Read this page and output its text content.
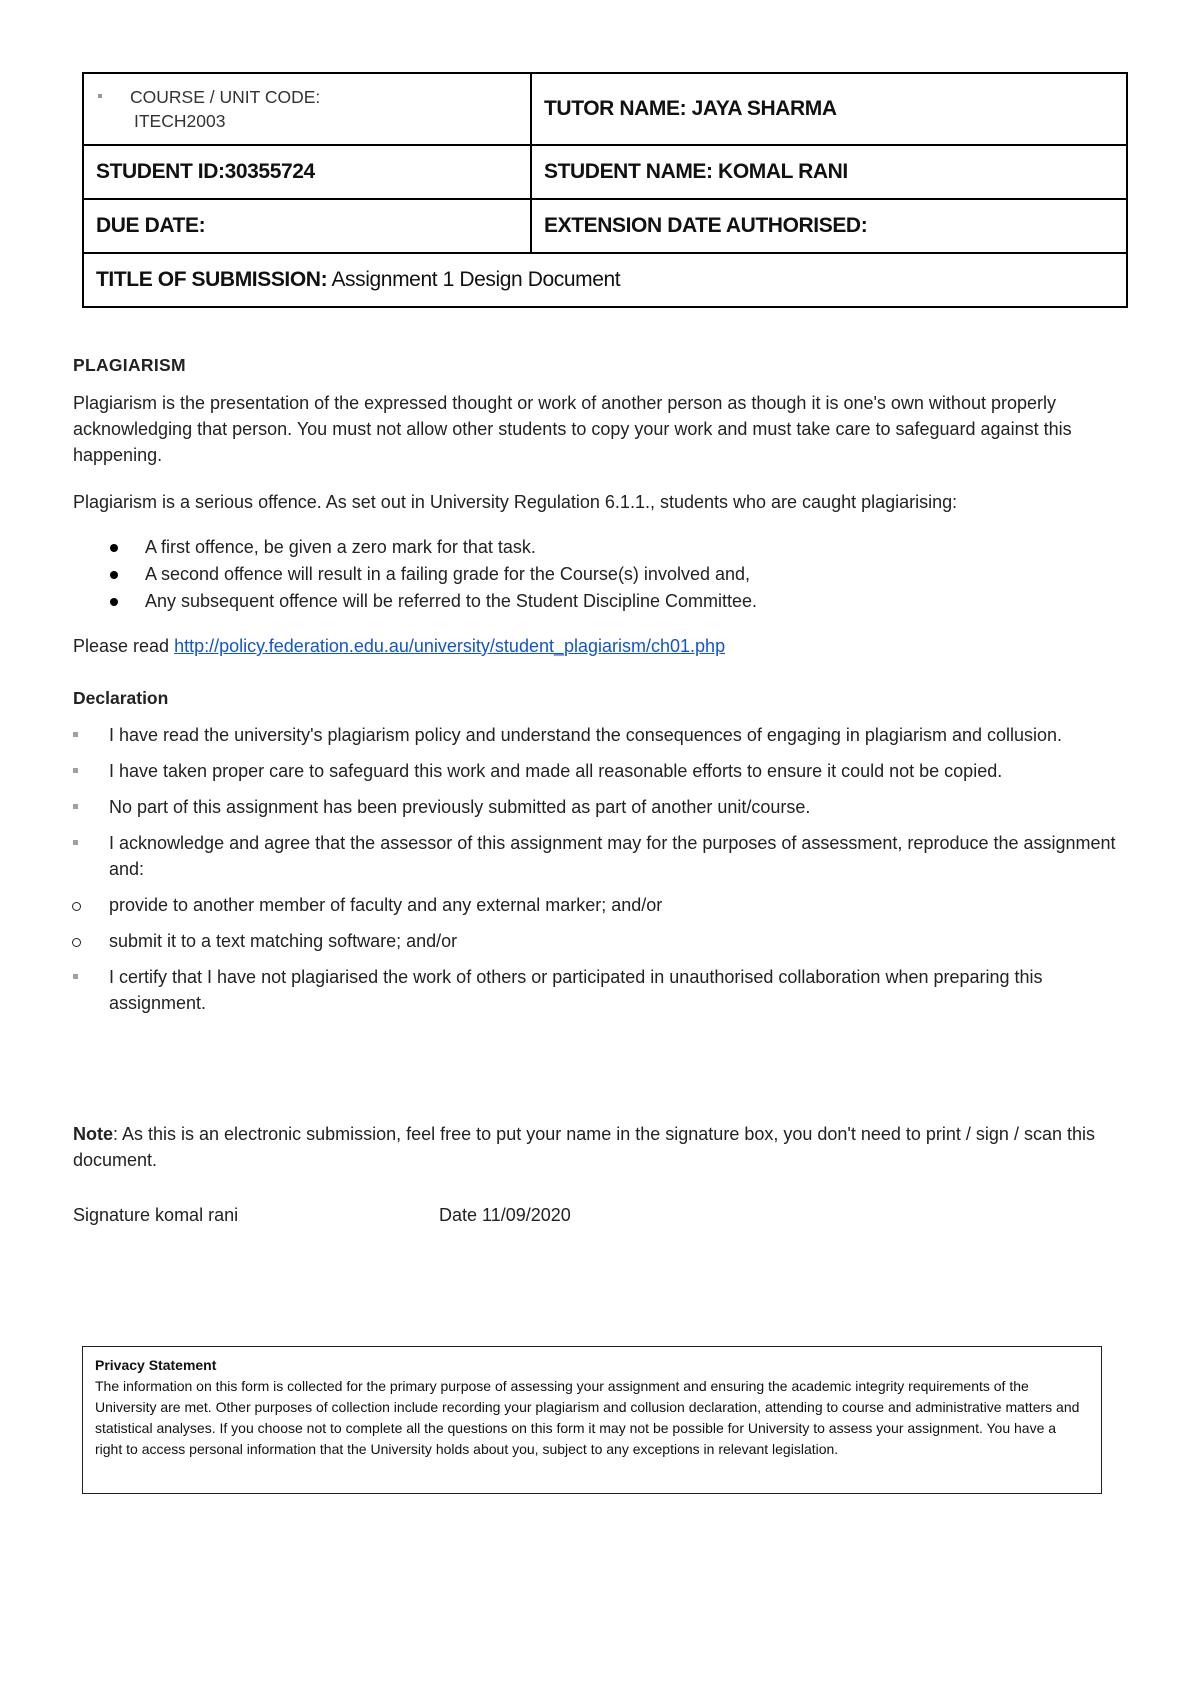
COURSE / UNIT CODE:
ITECH2003	TUTOR NAME: JAYA SHARMA
STUDENT ID:30355724	STUDENT NAME: KOMAL RANI
DUE DATE:	EXTENSION DATE AUTHORISED:
TITLE OF SUBMISSION: Assignment 1 Design Document	

PLAGIARISM

Plagiarism is the presentation of the expressed thought or work of another person as though it is one's own without properly acknowledging that person. You must not allow other students to copy your work and must take care to safeguard against this happening.

Plagiarism is a serious offence. As set out in University Regulation 6.1.1., students who are caught plagiarising:

A first offence, be given a zero mark for that task.
A second offence will result in a failing grade for the Course(s) involved and,
Any subsequent offence will be referred to the Student Discipline Committee.

Please read http://policy.federation.edu.au/university/student_plagiarism/ch01.php

Declaration

I have read the university's plagiarism policy and understand the consequences of engaging in plagiarism and collusion.
I have taken proper care to safeguard this work and made all reasonable efforts to ensure it could not be copied.
No part of this assignment has been previously submitted as part of another unit/course.
I acknowledge and agree that the assessor of this assignment may for the purposes of assessment, reproduce the assignment and:
provide to another member of faculty and any external marker; and/or
submit it to a text matching software; and/or
I certify that I have not plagiarised the work of others or participated in unauthorised collaboration when preparing this assignment.

Note: As this is an electronic submission, feel free to put your name in the signature box, you don't need to print / sign / scan this document.

Signature komal rani	Date 11/09/2020
Privacy Statement
The information on this form is collected for the primary purpose of assessing your assignment and ensuring the academic integrity requirements of the University are met. Other purposes of collection include recording your plagiarism and collusion declaration, attending to course and administrative matters and statistical analyses. If you choose not to complete all the questions on this form it may not be possible for University to assess your assignment. You have a right to access personal information that the University holds about you, subject to any exceptions in relevant legislation.
